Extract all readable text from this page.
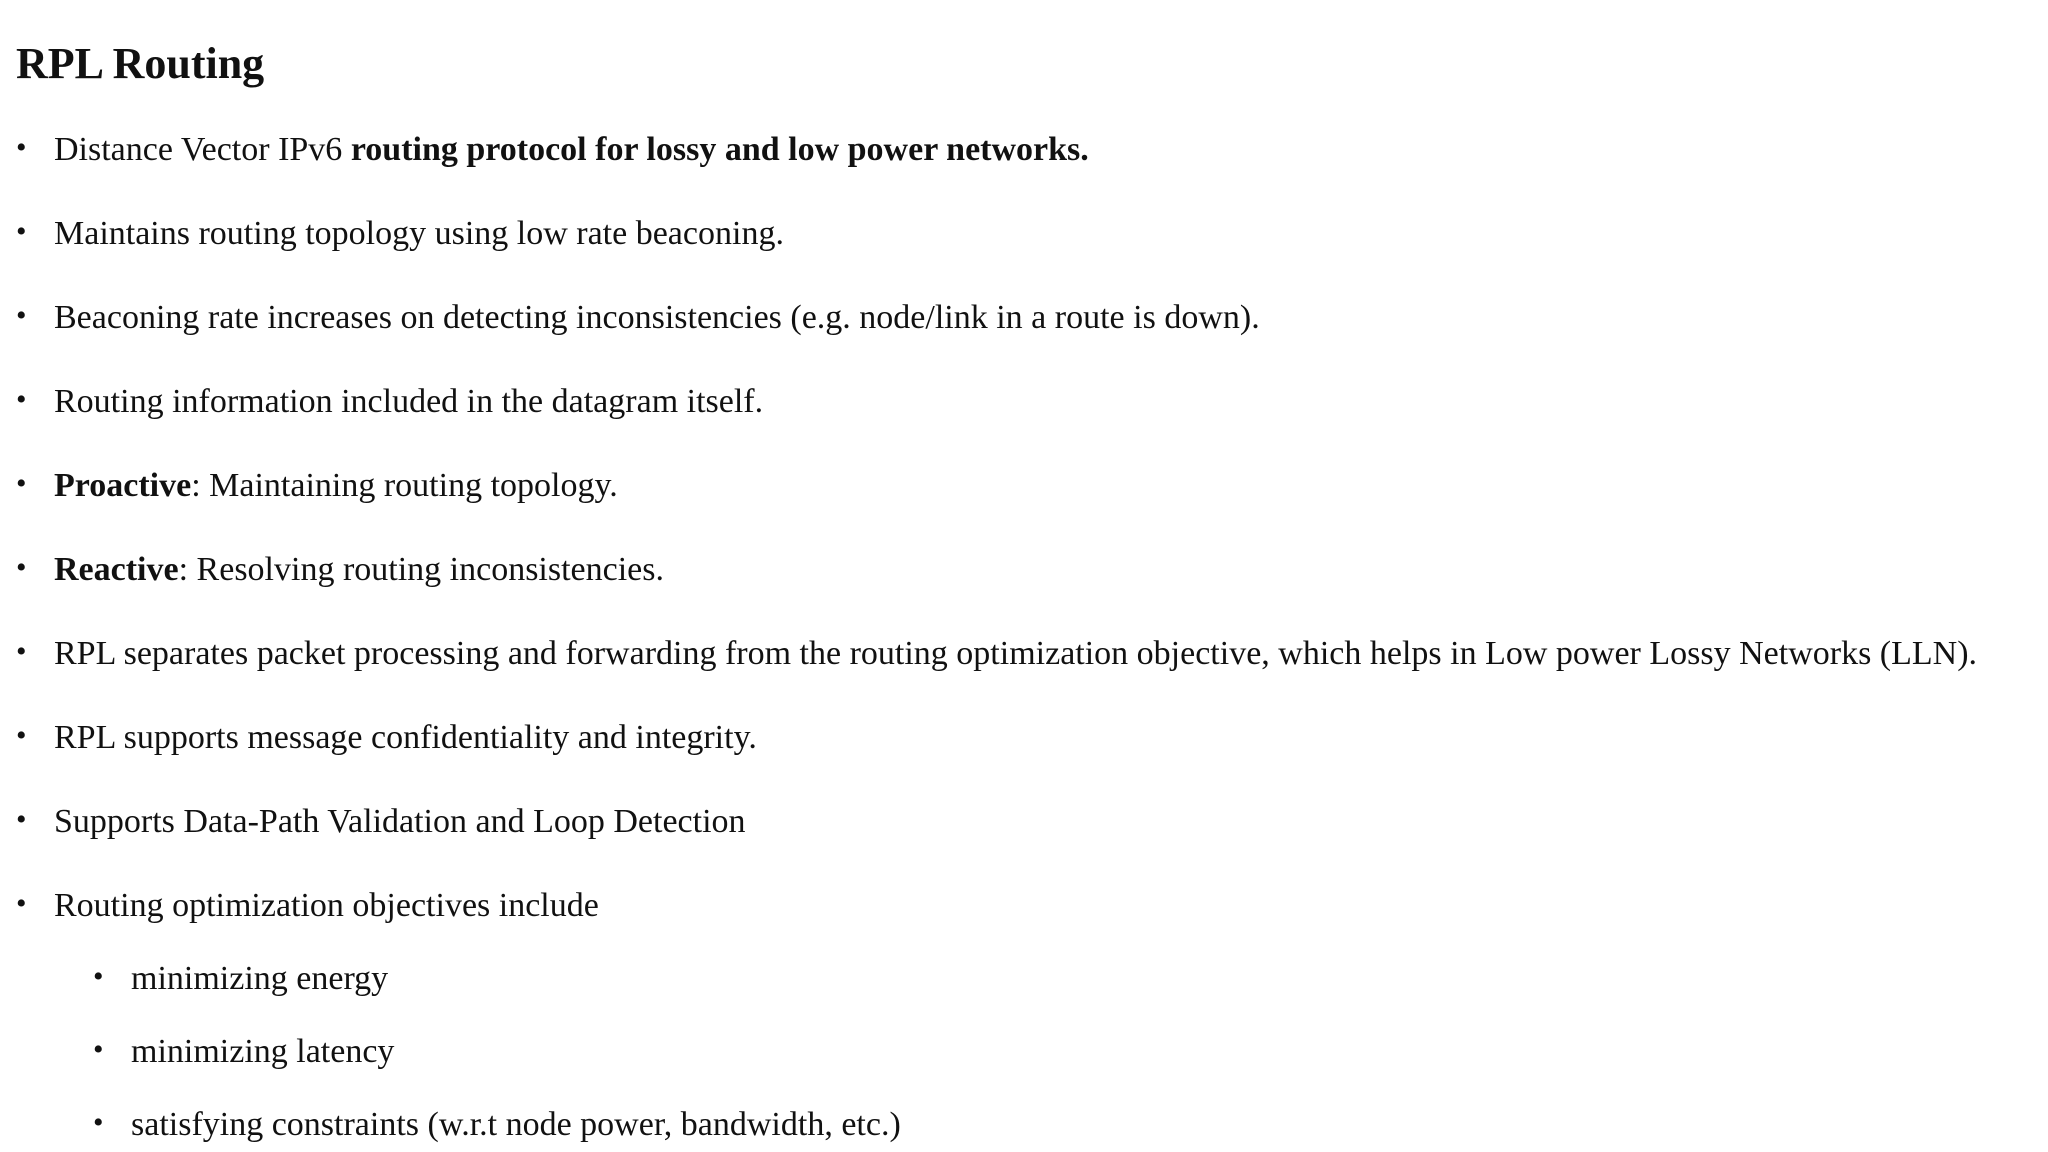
RPL Routing
• Distance Vector IPv6 routing protocol for lossy and low power networks.
• Maintains routing topology using low rate beaconing.
• Beaconing rate increases on detecting inconsistencies (e.g. node/link in a route is down).
• Routing information included in the datagram itself.
• Proactive: Maintaining routing topology.
• Reactive: Resolving routing inconsistencies.
• RPL separates packet processing and forwarding from the routing optimization objective, which helps in Low power Lossy Networks (LLN).
• RPL supports message confidentiality and integrity.
• Supports Data-Path Validation and Loop Detection
• Routing optimization objectives include
• minimizing energy
• minimizing latency
• satisfying constraints (w.r.t node power, bandwidth, etc.)
